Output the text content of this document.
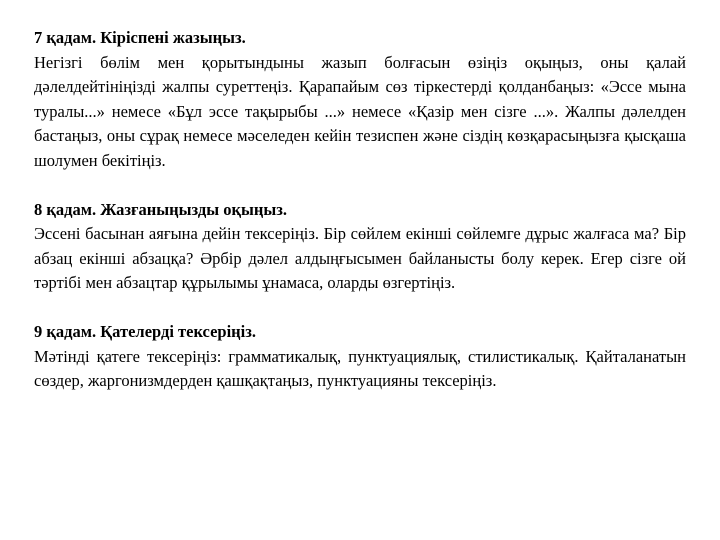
7 қадам. Кіріспені жазыңыз.

Негізгі бөлім мен қорытындыны жазып болғасын өзіңіз оқыңыз, оны қалай дәлелдейтініңізді жалпы суреттеңіз. Қарапайым сөз тіркестерді қолданбаңыз: «Эссе мына туралы...» немесе «Бұл эссе тақырыбы ...» немесе «Қазір мен сізге ...». Жалпы дәлелден бастаңыз, оны сұрақ немесе мәселеден кейін тезиспен және сіздің көзқарасыңызға қысқаша шолумен бекітіңіз.

8 қадам. Жазғаныңызды оқыңыз.

Эссені басынан аяғына дейін тексеріңіз. Бір сөйлем екінші сөйлемге дұрыс жалғаса ма? Бір абзац екінші абзацқа? Әрбір дәлел алдыңғысымен байланысты болу керек. Егер сізге ой тәртібі мен абзацтар құрылымы ұнамаса, оларды өзгертіңіз.

9 қадам. Қателерді тексеріңіз.

Мәтінді қатеге тексеріңіз: грамматикалық, пунктуациялық, стилистикалық. Қайталанатын сөздер, жаргонизмдерден қашқақтаңыз, пунктуацияны тексеріңіз.
